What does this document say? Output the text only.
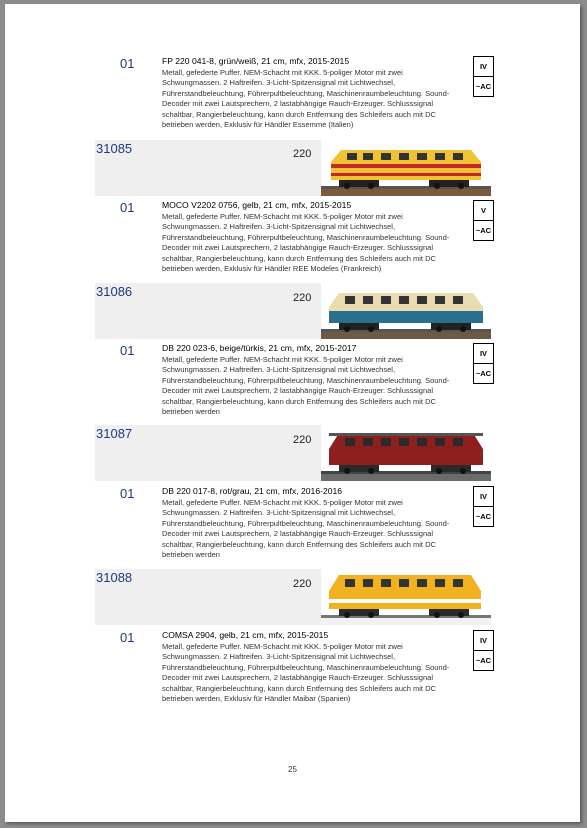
01	FP 220 041-8, grün/weiß, 21 cm, mfx, 2015-2015
Metall, gefederte Puffer. NEM-Schacht mit KKK. 5-poliger Motor mit zwei Schwungmassen. 2 Haftreifen. 3-Licht-Spitzensignal mit Lichtwechsel, Führerstandbeleuchtung, Führerpultbeleuchtung, Maschinenraumbeleuchtung. Sound-Decoder mit zwei Lautsprechern, 2 lastabhängige Rauch-Erzeuger. Schlusssignal schaltbar, Rangierbeleuchtung, kann durch Entfernung des Schleifers auch mit DC betrieben werden, Exklusiv für Händler Essemme (Italien)
IV
~AC
31085	220
01	MOCO V2202 0756, gelb, 21 cm, mfx, 2015-2015
Metall, gefederte Puffer. NEM-Schacht mit KKK. 5-poliger Motor mit zwei Schwungmassen. 2 Haftreifen. 3-Licht-Spitzensignal mit Lichtwechsel, Führerstandbeleuchtung, Führerpultbeleuchtung, Maschinenraumbeleuchtung. Sound-Decoder mit zwei Lautsprechern, 2 lastabhängige Rauch-Erzeuger. Schlusssignal schaltbar, Rangierbeleuchtung, kann durch Entfernung des Schleifers auch mit DC betrieben werden, Exklusiv für Händler REE Modeles (Frankreich)
V
~AC
31086	220
01	DB 220 023-6, beige/türkis, 21 cm, mfx, 2015-2017
Metall, gefederte Puffer. NEM-Schacht mit KKK. 5-poliger Motor mit zwei Schwungmassen. 2 Haftreifen. 3-Licht-Spitzensignal mit Lichtwechsel, Führerstandbeleuchtung, Führerpultbeleuchtung, Maschinenraumbeleuchtung. Sound-Decoder mit zwei Lautsprechern, 2 lastabhängige Rauch-Erzeuger. Schlusssignal schaltbar, Rangierbeleuchtung, kann durch Entfernung des Schleifers auch mit DC betrieben werden
IV
~AC
31087	220
01	DB 220 017-8, rot/grau, 21 cm, mfx, 2016-2016
Metall, gefederte Puffer. NEM-Schacht mit KKK. 5-poliger Motor mit zwei Schwungmassen. 2 Haftreifen. 3-Licht-Spitzensignal mit Lichtwechsel, Führerstandbeleuchtung, Führerpultbeleuchtung, Maschinenraumbeleuchtung. Sound-Decoder mit zwei Lautsprechern, 2 lastabhängige Rauch-Erzeuger. Schlusssignal schaltbar, Rangierbeleuchtung, kann durch Entfernung des Schleifers auch mit DC betrieben werden
IV
~AC
31088	220
01	COMSA 2904, gelb, 21 cm, mfx, 2015-2015
Metall, gefederte Puffer. NEM-Schacht mit KKK. 5-poliger Motor mit zwei Schwungmassen. 2 Haftreifen. 3-Licht-Spitzensignal mit Lichtwechsel, Führerstandbeleuchtung, Führerpultbeleuchtung, Maschinenraumbeleuchtung. Sound-Decoder mit zwei Lautsprechern, 2 lastabhängige Rauch-Erzeuger. Schlusssignal schaltbar, Rangierbeleuchtung, kann durch Entfernung des Schleifers auch mit DC betrieben werden, Exklusiv für Händler Maibar (Spanien)
IV
~AC
25
